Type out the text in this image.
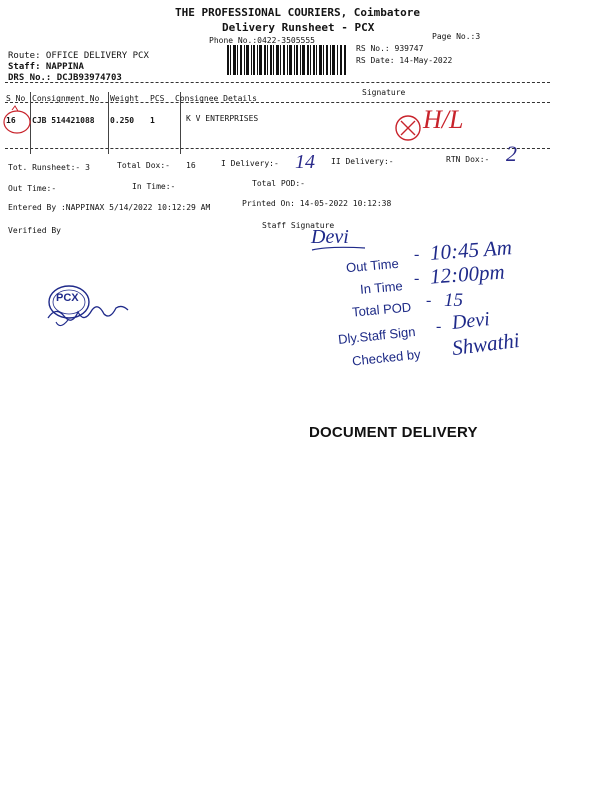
THE PROFESSIONAL COURIERS, Coimbatore
Delivery Runsheet - PCX
Phone No.:0422-3505555	Page No.:3
RS No.: 939747
RS Date: 14-May-2022
Route: OFFICE DELIVERY PCX
Staff: NAPPINA
DRS No.: DCJB93974703
S No Consignment No Weight PCS Consignee Details
Signature
16 CJB 514421088 0.250 1	K V ENTERPRISES	H/L
Tot. Runsheet:- 3	Total Dox:- 16	I Delivery:- 14 II Delivery:-	RTN Dox:- 2
Out Time:-	In Time:-	Total POD:-
Entered By :NAPPINAX 5/14/2022 10:12:29 AM	Printed On: 14-05-2022 10:12:38
Verified By
Staff Signature
Devi
Out Time
10:45 Am
In Time 12:00pm
Total POD 15
Dly.Staff Sign
Devi
Checked by Shwathi
-
-
-
-
PCX
DOCUMENT DELIVERY
